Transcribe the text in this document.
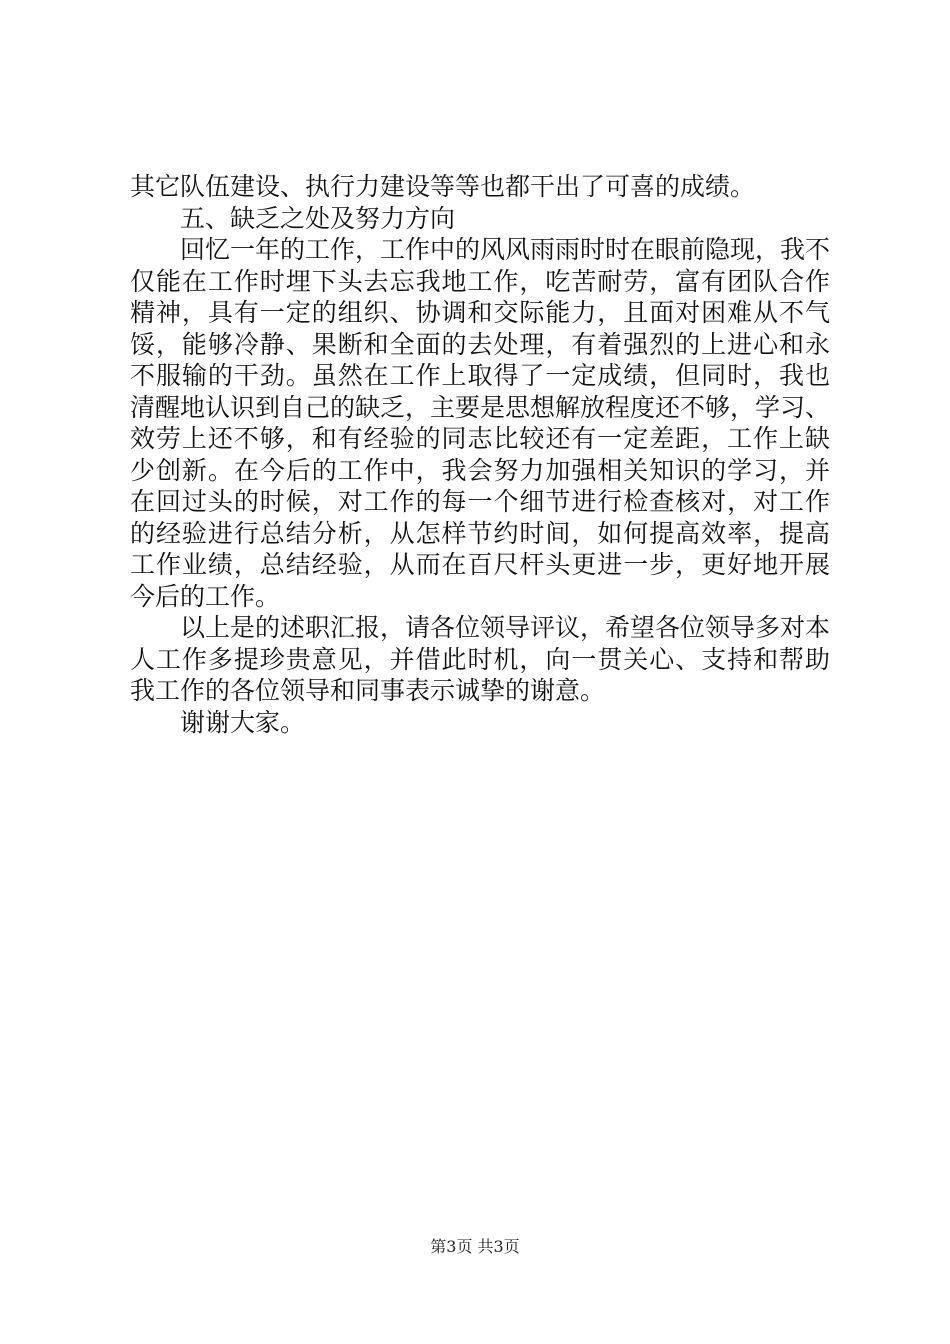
其它队伍建设、执行力建设等等也都干出了可喜的成绩。
五、缺乏之处及努力方向
回忆一年的工作，工作中的风风雨雨时时在眼前隐现，我不
仅能在工作时埋下头去忘我地工作，吃苦耐劳，富有团队合作
精神，具有一定的组织、协调和交际能力，且面对困难从不气
馁，能够冷静、果断和全面的去处理，有着强烈的上进心和永
不服输的干劲。虽然在工作上取得了一定成绩，但同时，我也
清醒地认识到自己的缺乏，主要是思想解放程度还不够，学习、
效劳上还不够，和有经验的同志比较还有一定差距，工作上缺
少创新。在今后的工作中，我会努力加强相关知识的学习，并
在回过头的时候，对工作的每一个细节进行检查核对，对工作
的经验进行总结分析，从怎样节约时间，如何提高效率，提高
工作业绩，总结经验，从而在百尺杆头更进一步，更好地开展
今后的工作。
以上是的述职汇报，请各位领导评议，希望各位领导多对本
人工作多提珍贵意见，并借此时机，向一贯关心、支持和帮助
我工作的各位领导和同事表示诚挚的谢意。
谢谢大家。
第3页 共3页
